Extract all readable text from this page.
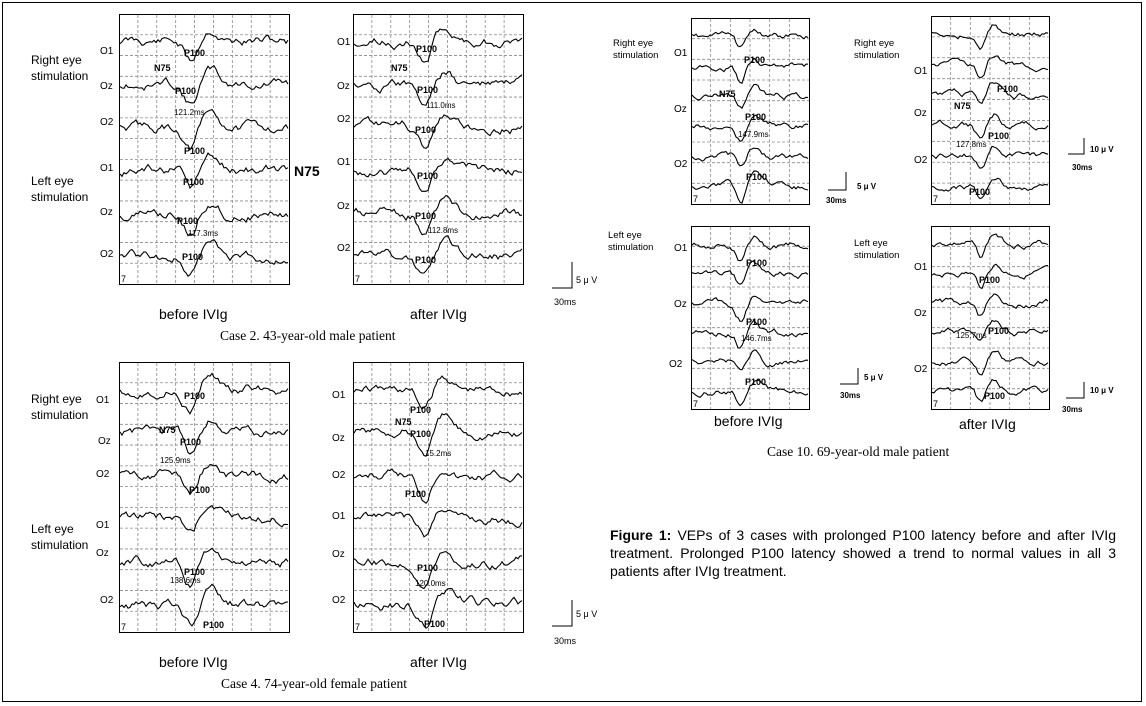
Right eye
stimulation
Left eye
stimulation
7	7
O1
Oz
O2
O1
Oz
O2
O1
Oz
O2
O1
Oz
O2
P100
N75
P100
121.2ms
P100
P100
P100
117.3ms
P100
N75
P100
N75
P100
111.0ms
P100
P100
P100
112.8ms
P100
5 μ V
30ms
before IVIg	after IVIg
Case 2. 43-year-old male patient
Right eye
stimulation
Left eye
stimulation
7	7
O1
Oz
O2
O1
Oz
O2
O1
Oz
O2
O1
Oz
O2
P100
N75
P100
125.9ms
P100
P100
138.6ms
P100
P100
N75
P100
15.2ms
P100
P100
120.0ms
P100
5 μ V
30ms
before IVIg	after IVIg
Case 4. 74-year-old female patient
Right eye
stimulation
Right eye
stimulation
Left eye
stimulation	Left eye
stimulation
7	7
7	7
O1
Oz
O2
O1
Oz
O2
O1
Oz
O2
O1
Oz
O2
P100
N75
P100
147.9ms
P100
P100
N75
P100
127.8ms
P100
P100
P100
146.7ms
P100
P100
P100
125.7ms
P100
5 μ V
30ms
10 μ V
30ms
5 μ V
30ms
10 μ V
30ms
before IVIg	after IVIg
Case 10. 69-year-old male patient
Figure 1: VEPs of 3 cases with prolonged P100 latency before and after IVIg treatment. Prolonged P100 latency showed a trend to normal values in all 3 patients after IVIg treatment.
